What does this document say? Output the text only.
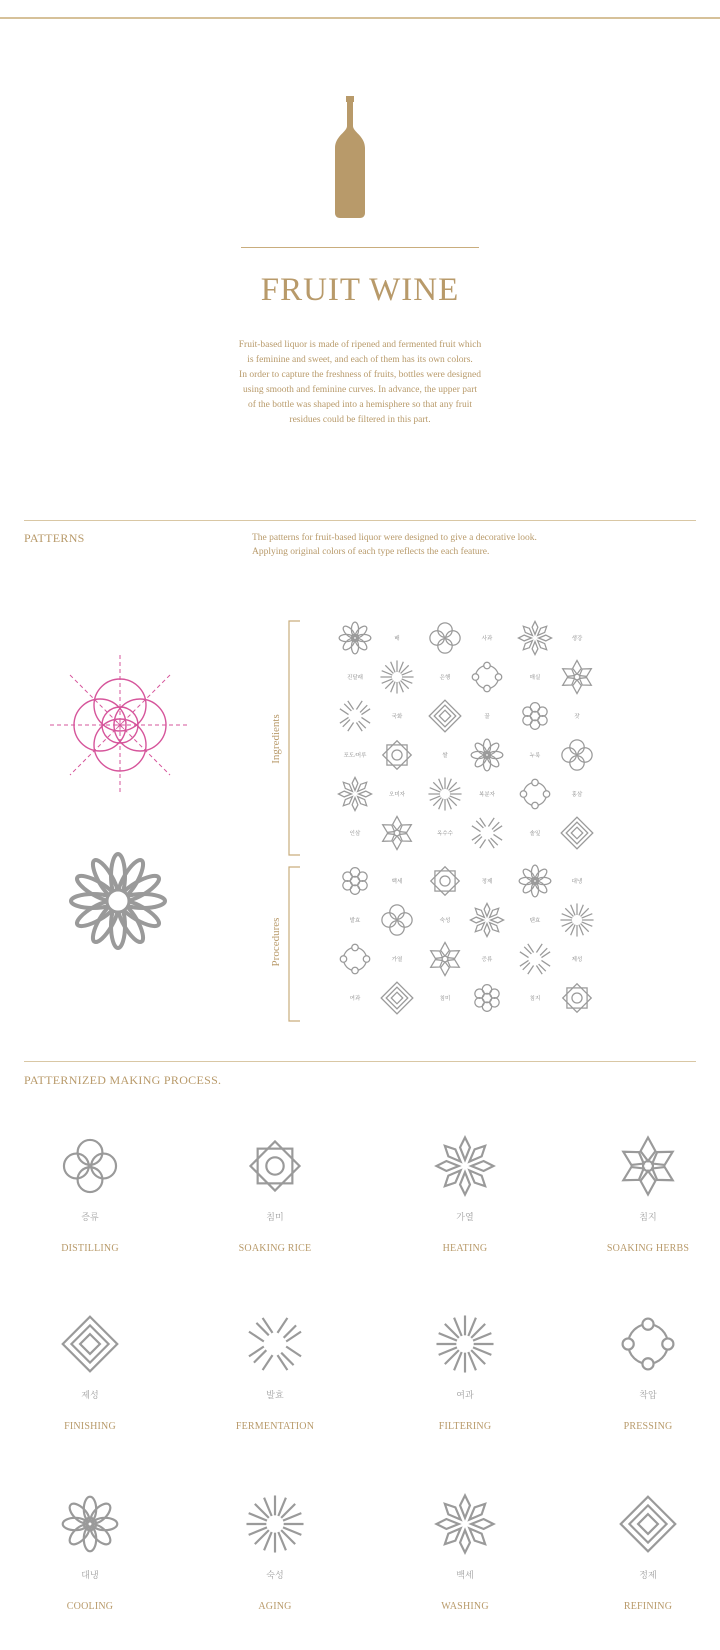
FRUIT WINE
Fruit-based liquor is made of ripened and fermented fruit which
is feminine and sweet, and each of them has its own colors.
In order to capture the freshness of fruits, bottles were designed
using smooth and feminine curves. In advance, the upper part
of the bottle was shaped into a hemisphere so that any fruit
residues could be filtered in this part.
PATTERNS	The patterns for fruit-based liquor were designed to give a decorative look.
Applying original colors of each type reflects the each feature.
Ingredients
Procedures
배	사과	생강
진달래	은행	매실
국화	꿀	잣
포도/머루	쌀	누룩
오미자	복분자	홍삼
인삼	옥수수	솔잎
백세	정제	대냉
발효	숙성	탠효
가열	증류	제성
여과	침미	침지
PATTERNIZED MAKING PROCESS.
증류
DISTILLING
침미
SOAKING RICE
가열
HEATING
침지
SOAKING HERBS
제성
FINISHING
발효
FERMENTATION
여과
FILTERING
착압
PRESSING
대냉
COOLING
숙성
AGING
백세
WASHING
정제
REFINING
